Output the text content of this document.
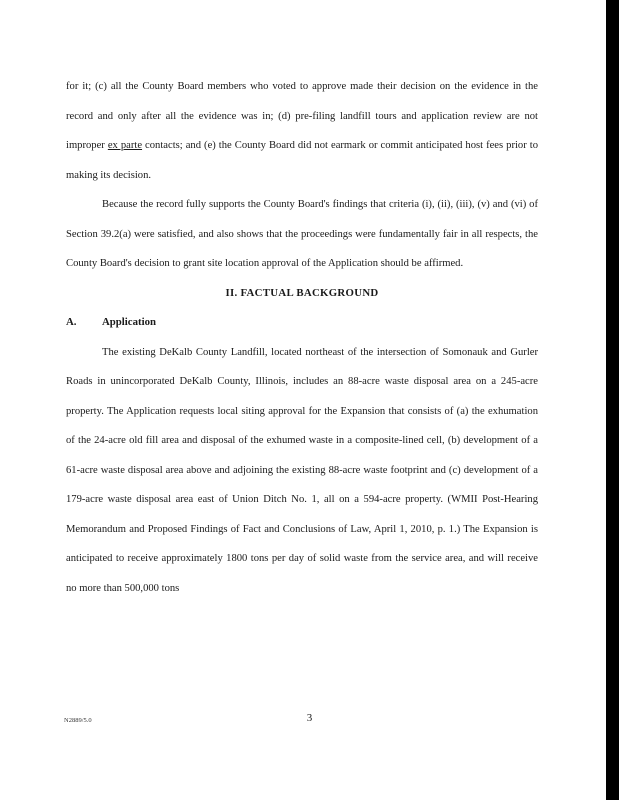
for it; (c) all the County Board members who voted to approve made their decision on the evidence in the record and only after all the evidence was in; (d) pre-filing landfill tours and application review are not improper ex parte contacts; and (e) the County Board did not earmark or commit anticipated host fees prior to making its decision.

Because the record fully supports the County Board's findings that criteria (i), (ii), (iii), (v) and (vi) of Section 39.2(a) were satisfied, and also shows that the proceedings were fundamentally fair in all respects, the County Board's decision to grant site location approval of the Application should be affirmed.

II. FACTUAL BACKGROUND

A.	Application

The existing DeKalb County Landfill, located northeast of the intersection of Somonauk and Gurler Roads in unincorporated DeKalb County, Illinois, includes an 88-acre waste disposal area on a 245-acre property. The Application requests local siting approval for the Expansion that consists of (a) the exhumation of the 24-acre old fill area and disposal of the exhumed waste in a composite-lined cell, (b) development of a 61-acre waste disposal area above and adjoining the existing 88-acre waste footprint and (c) development of a 179-acre waste disposal area east of Union Ditch No. 1, all on a 594-acre property. (WMII Post-Hearing Memorandum and Proposed Findings of Fact and Conclusions of Law, April 1, 2010, p. 1.) The Expansion is anticipated to receive approximately 1800 tons per day of solid waste from the service area, and will receive no more than 500,000 tons

N2889/5.0	3
